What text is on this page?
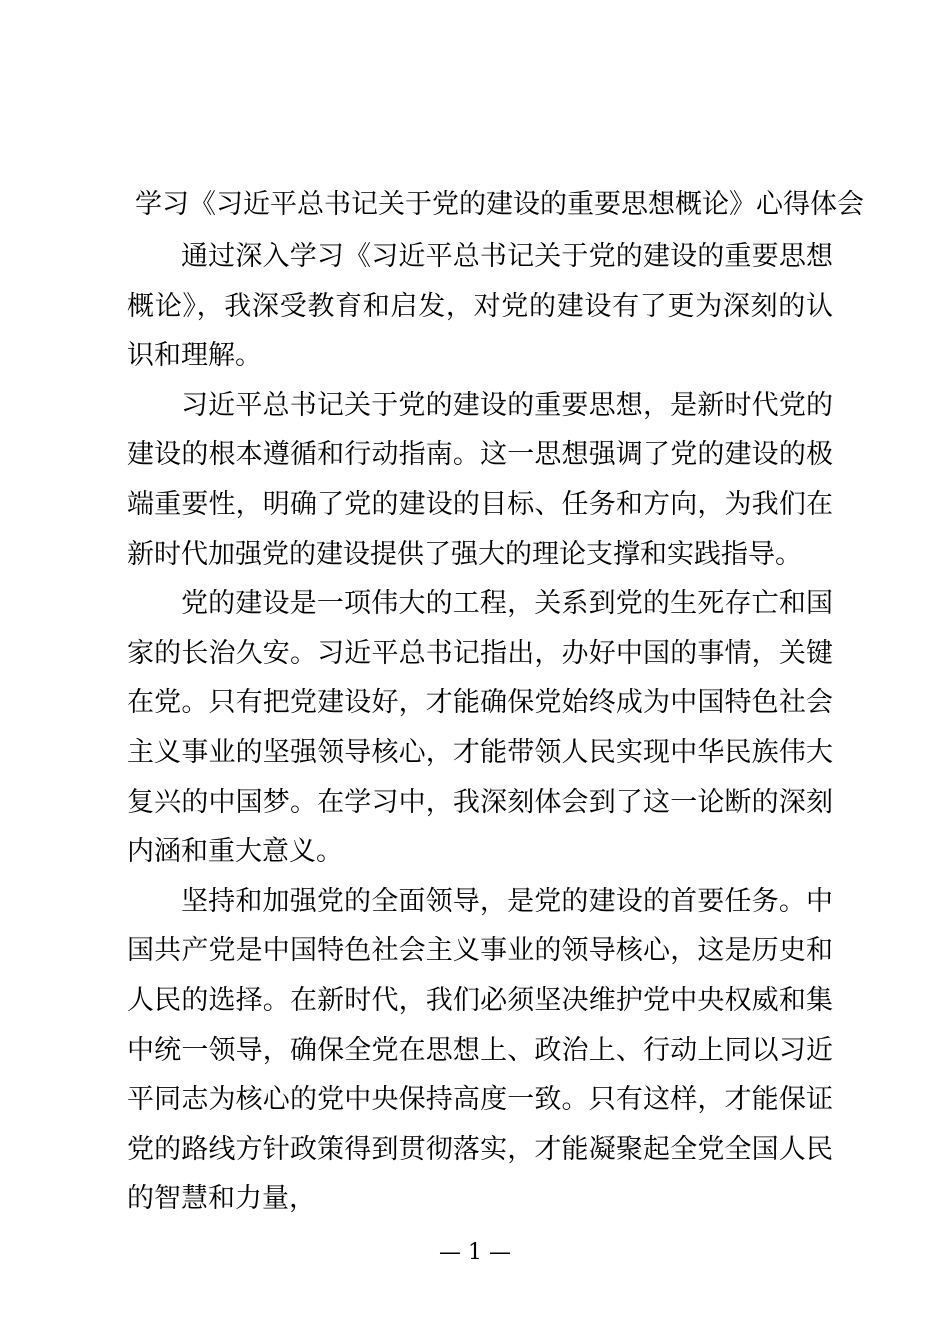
学习《习近平总书记关于党的建设的重要思想概论》心得体会

通过深入学习《习近平总书记关于党的建设的重要思想概论》，我深受教育和启发，对党的建设有了更为深刻的认识和理解。

习近平总书记关于党的建设的重要思想，是新时代党的建设的根本遵循和行动指南。这一思想强调了党的建设的极端重要性，明确了党的建设的目标、任务和方向，为我们在新时代加强党的建设提供了强大的理论支撑和实践指导。

党的建设是一项伟大的工程，关系到党的生死存亡和国家的长治久安。习近平总书记指出，办好中国的事情，关键在党。只有把党建设好，才能确保党始终成为中国特色社会主义事业的坚强领导核心，才能带领人民实现中华民族伟大复兴的中国梦。在学习中，我深刻体会到了这一论断的深刻内涵和重大意义。

坚持和加强党的全面领导，是党的建设的首要任务。中国共产党是中国特色社会主义事业的领导核心，这是历史和人民的选择。在新时代，我们必须坚决维护党中央权威和集中统一领导，确保全党在思想上、政治上、行动上同以习近平同志为核心的党中央保持高度一致。只有这样，才能保证党的路线方针政策得到贯彻落实，才能凝聚起全党全国人民的智慧和力量，

— 1 —
